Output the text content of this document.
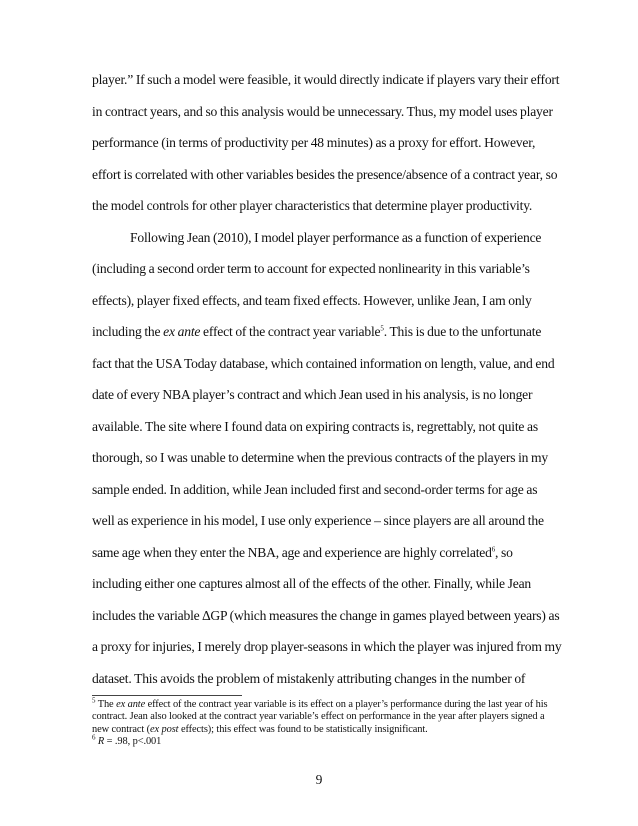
player.” If such a model were feasible, it would directly indicate if players vary their effort in contract years, and so this analysis would be unnecessary. Thus, my model uses player performance (in terms of productivity per 48 minutes) as a proxy for effort. However, effort is correlated with other variables besides the presence/absence of a contract year, so the model controls for other player characteristics that determine player productivity.

Following Jean (2010), I model player performance as a function of experience (including a second order term to account for expected nonlinearity in this variable’s effects), player fixed effects, and team fixed effects. However, unlike Jean, I am only including the ex ante effect of the contract year variable$^5$. This is due to the unfortunate fact that the USA Today database, which contained information on length, value, and end date of every NBA player’s contract and which Jean used in his analysis, is no longer available. The site where I found data on expiring contracts is, regrettably, not quite as thorough, so I was unable to determine when the previous contracts of the players in my sample ended. In addition, while Jean included first and second-order terms for age as well as experience in his model, I use only experience – since players are all around the same age when they enter the NBA, age and experience are highly correlated$^6$, so including either one captures almost all of the effects of the other. Finally, while Jean includes the variable ∆GP (which measures the change in games played between years) as a proxy for injuries, I merely drop player-seasons in which the player was injured from my dataset. This avoids the problem of mistakenly attributing changes in the number of

$^5$ The ex ante effect of the contract year variable is its effect on a player’s performance during the last year of his contract. Jean also looked at the contract year variable’s effect on performance in the year after players signed a new contract (ex post effects); this effect was found to be statistically insignificant.

$^6$ R = .98, p<.001

9
